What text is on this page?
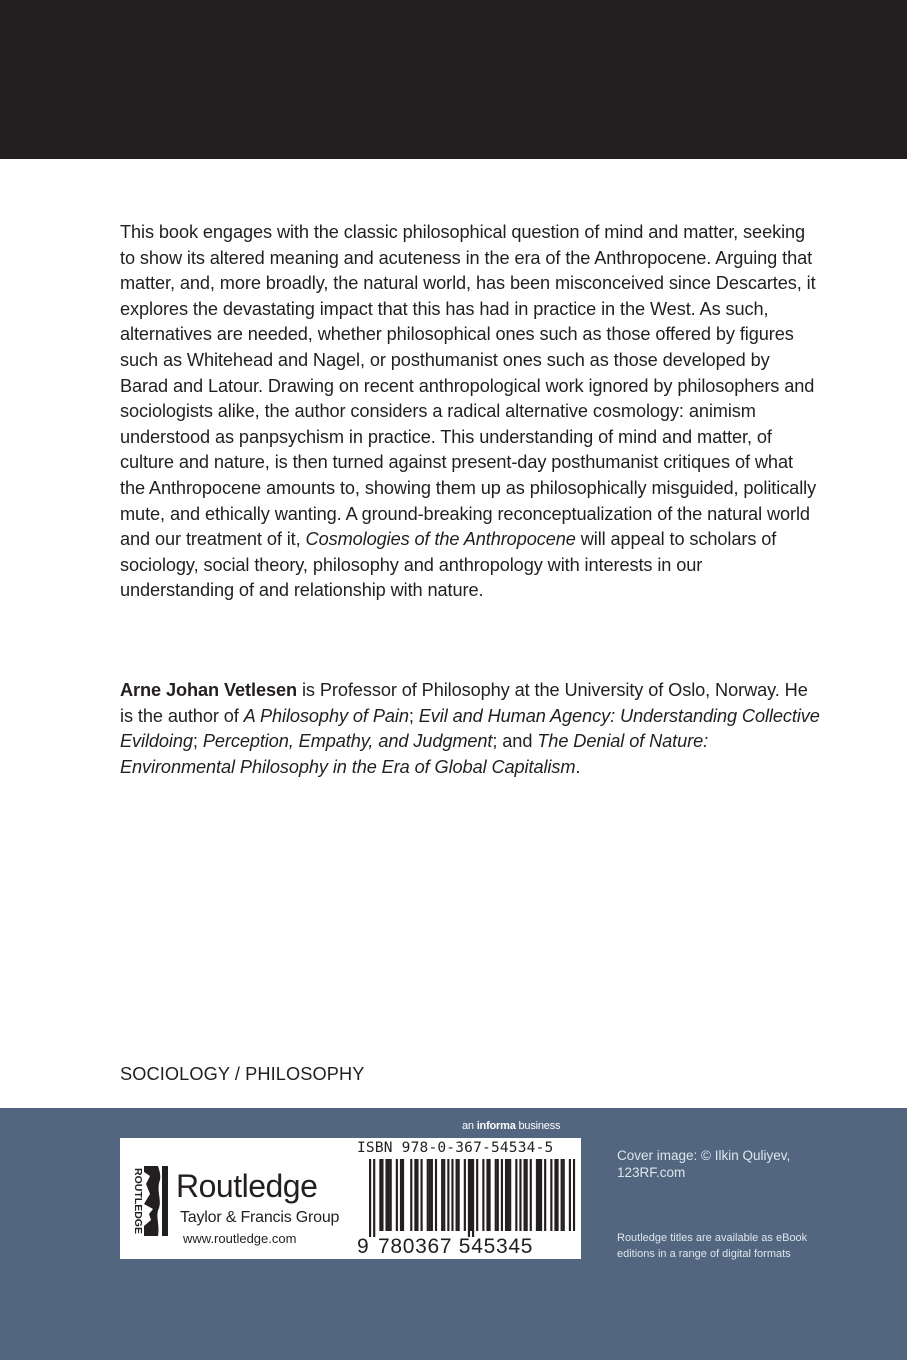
This book engages with the classic philosophical question of mind and matter, seeking to show its altered meaning and acuteness in the era of the Anthropocene. Arguing that matter, and, more broadly, the natural world, has been misconceived since Descartes, it explores the devastating impact that this has had in practice in the West. As such, alternatives are needed, whether philosophical ones such as those offered by figures such as Whitehead and Nagel, or posthumanist ones such as those developed by Barad and Latour. Drawing on recent anthropological work ignored by philosophers and sociologists alike, the author considers a radical alternative cosmology: animism understood as panpsychism in practice. This understanding of mind and matter, of culture and nature, is then turned against present-day posthumanist critiques of what the Anthropocene amounts to, showing them up as philosophically misguided, politically mute, and ethically wanting. A ground-breaking reconceptualization of the natural world and our treatment of it, Cosmologies of the Anthropocene will appeal to scholars of sociology, social theory, philosophy and anthropology with interests in our understanding of and relationship with nature.

Arne Johan Vetlesen is Professor of Philosophy at the University of Oslo, Norway. He is the author of A Philosophy of Pain; Evil and Human Agency: Understanding Collective Evildoing; Perception, Empathy, and Judgment; and The Denial of Nature: Environmental Philosophy in the Era of Global Capitalism.

SOCIOLOGY / PHILOSOPHY
an informa business
ROUTLEDGE Routledge
Taylor & Francis Group
www.routledge.com
ISBN 978-0-367-54534-5
9 780367 545345
Cover image: © Ilkin Quliyev, 123RF.com
Routledge titles are available as eBook editions in a range of digital formats
